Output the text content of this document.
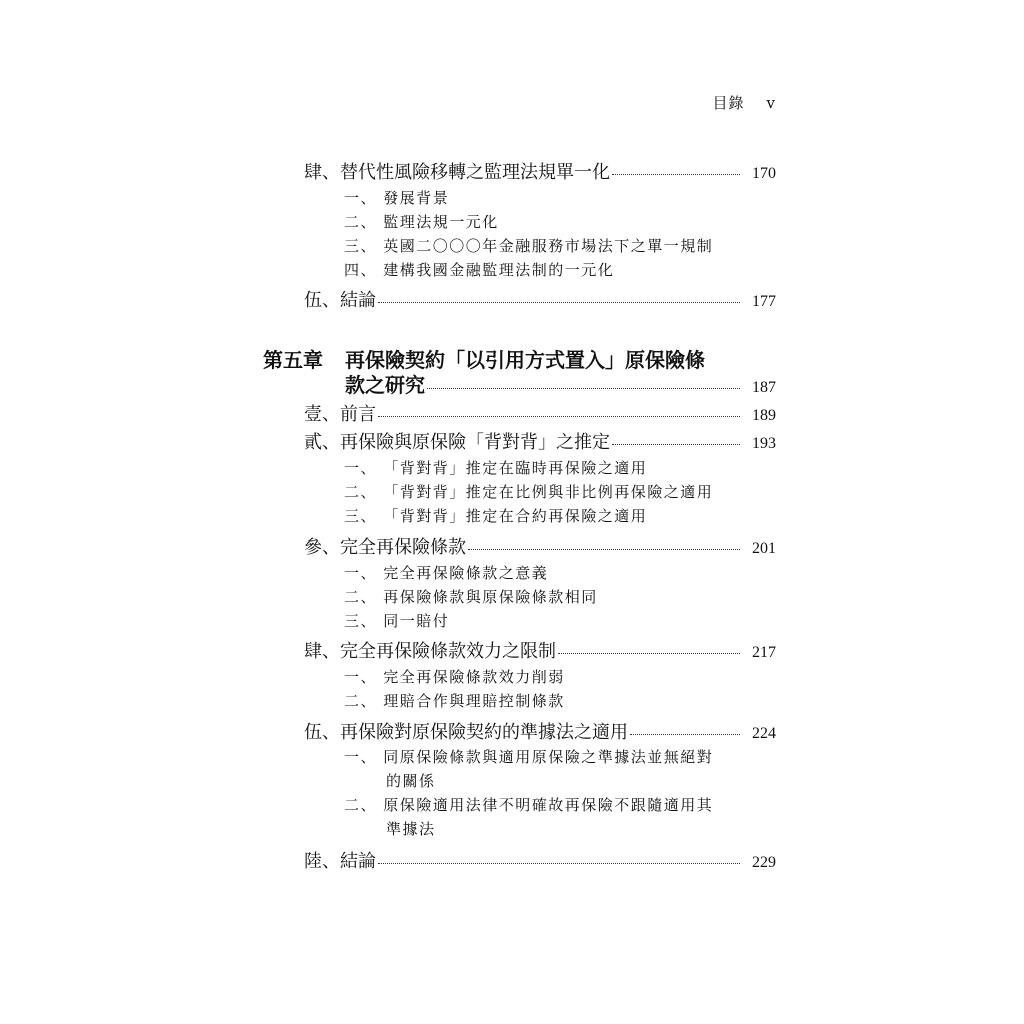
目錄 v
肆、替代性風險移轉之監理法規單一化	170
一、 發展背景
二、 監理法規一元化
三、 英國二〇〇〇年金融服務市場法下之單一規制
四、 建構我國金融監理法制的一元化
伍、結論	177
第五章	再保險契約「以引用方式置入」原保險條
款之研究	187
壹、前言	189
貳、再保險與原保險「背對背」之推定	193
一、 「背對背」推定在臨時再保險之適用
二、 「背對背」推定在比例與非比例再保險之適用
三、 「背對背」推定在合約再保險之適用
參、完全再保險條款	201
一、 完全再保險條款之意義
二、 再保險條款與原保險條款相同
三、 同一賠付
肆、完全再保險條款效力之限制	217
一、 完全再保險條款效力削弱
二、 理賠合作與理賠控制條款
伍、再保險對原保險契約的準據法之適用	224
一、 同原保險條款與適用原保險之準據法並無絕對
的關係
二、 原保險適用法律不明確故再保險不跟隨適用其
準據法
陸、結論	229
